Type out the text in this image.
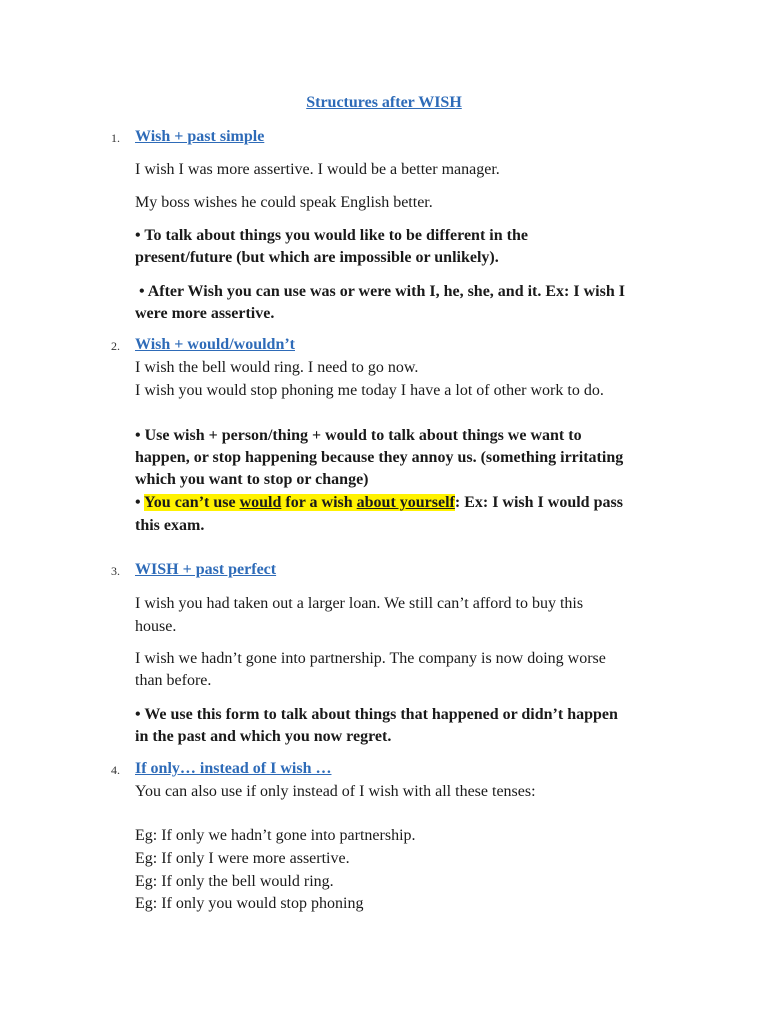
Structures after WISH
1. Wish + past simple
I wish I was more assertive. I would be a better manager.
My boss wishes he could speak English better.
• To talk about things you would like to be different in the
present/future (but which are impossible or unlikely).
• After Wish you can use was or were with I, he, she, and it. Ex: I wish I
were more assertive.
2. Wish + would/wouldn’t
I wish the bell would ring. I need to go now.
I wish you would stop phoning me today I have a lot of other work to do.
• Use wish + person/thing + would to talk about things we want to
happen, or stop happening because they annoy us. (something irritating
which you want to stop or change)
• You can’t use would for a wish about yourself: Ex: I wish I would pass
this exam.
3. WISH + past perfect
I wish you had taken out a larger loan. We still can’t afford to buy this
house.
I wish we hadn’t gone into partnership. The company is now doing worse
than before.
• We use this form to talk about things that happened or didn’t happen
in the past and which you now regret.
4. If only… instead of I wish …
You can also use if only instead of I wish with all these tenses:
Eg: If only we hadn’t gone into partnership.
Eg: If only I were more assertive.
Eg: If only the bell would ring.
Eg: If only you would stop phoning
